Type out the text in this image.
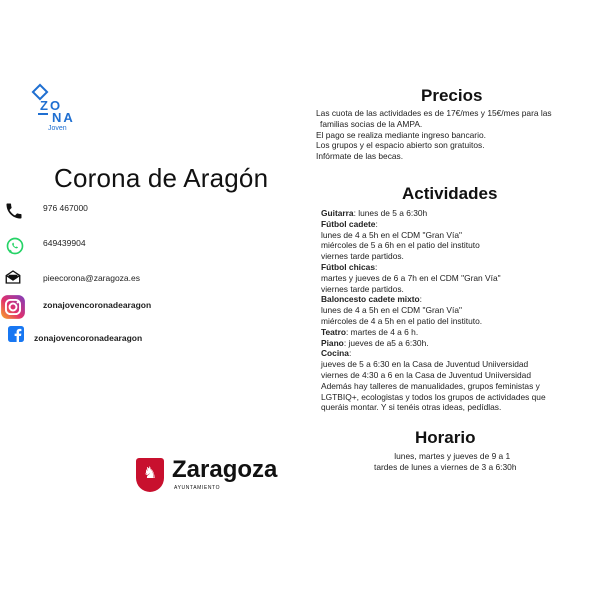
ZO
NA
Joven
Corona de Aragón
976 467000
649439904
pieecorona@zaragoza.es
zonajovencoronadearagon
zonajovencoronadearagon
Precios
Las cuota de las actividades es de 17€/mes y 15€/mes para las
familias socias de la AMPA.
El pago se realiza mediante ingreso bancario.
Los grupos y el espacio abierto son gratuitos.
Infórmate de las becas.
Actividades
Guitarra: lunes de 5 a 6:30h
Fútbol cadete:
lunes de 4 a 5h en el CDM "Gran Vía"
miércoles de 5 a 6h en el patio del instituto
viernes tarde partidos.
Fútbol chicas:
martes y jueves de 6 a 7h en el CDM "Gran Vía"
viernes tarde partidos.
Baloncesto cadete mixto:
lunes de 4 a 5h en el CDM "Gran Vía"
miércoles de 4 a 5h en el patio del instituto.
Teatro: martes de 4 a 6 h.
Piano: jueves de a5 a 6:30h.
Cocina:
jueves de 5 a 6:30 en la Casa de Juventud Uniiversidad
viernes de 4:30 a 6 en la Casa de Juventud Uniiversidad
Además hay talleres de manualidades, grupos feministas y
LGTBIQ+, ecologistas y todos los grupos de actividades que
queráis montar. Y si tenéis otras ideas, pedídlas.
Horario
lunes, martes y jueves de 9 a 1
tardes de lunes a viernes de 3 a 6:30h
♞ Zaragoza
AYUNTAMIENTO
